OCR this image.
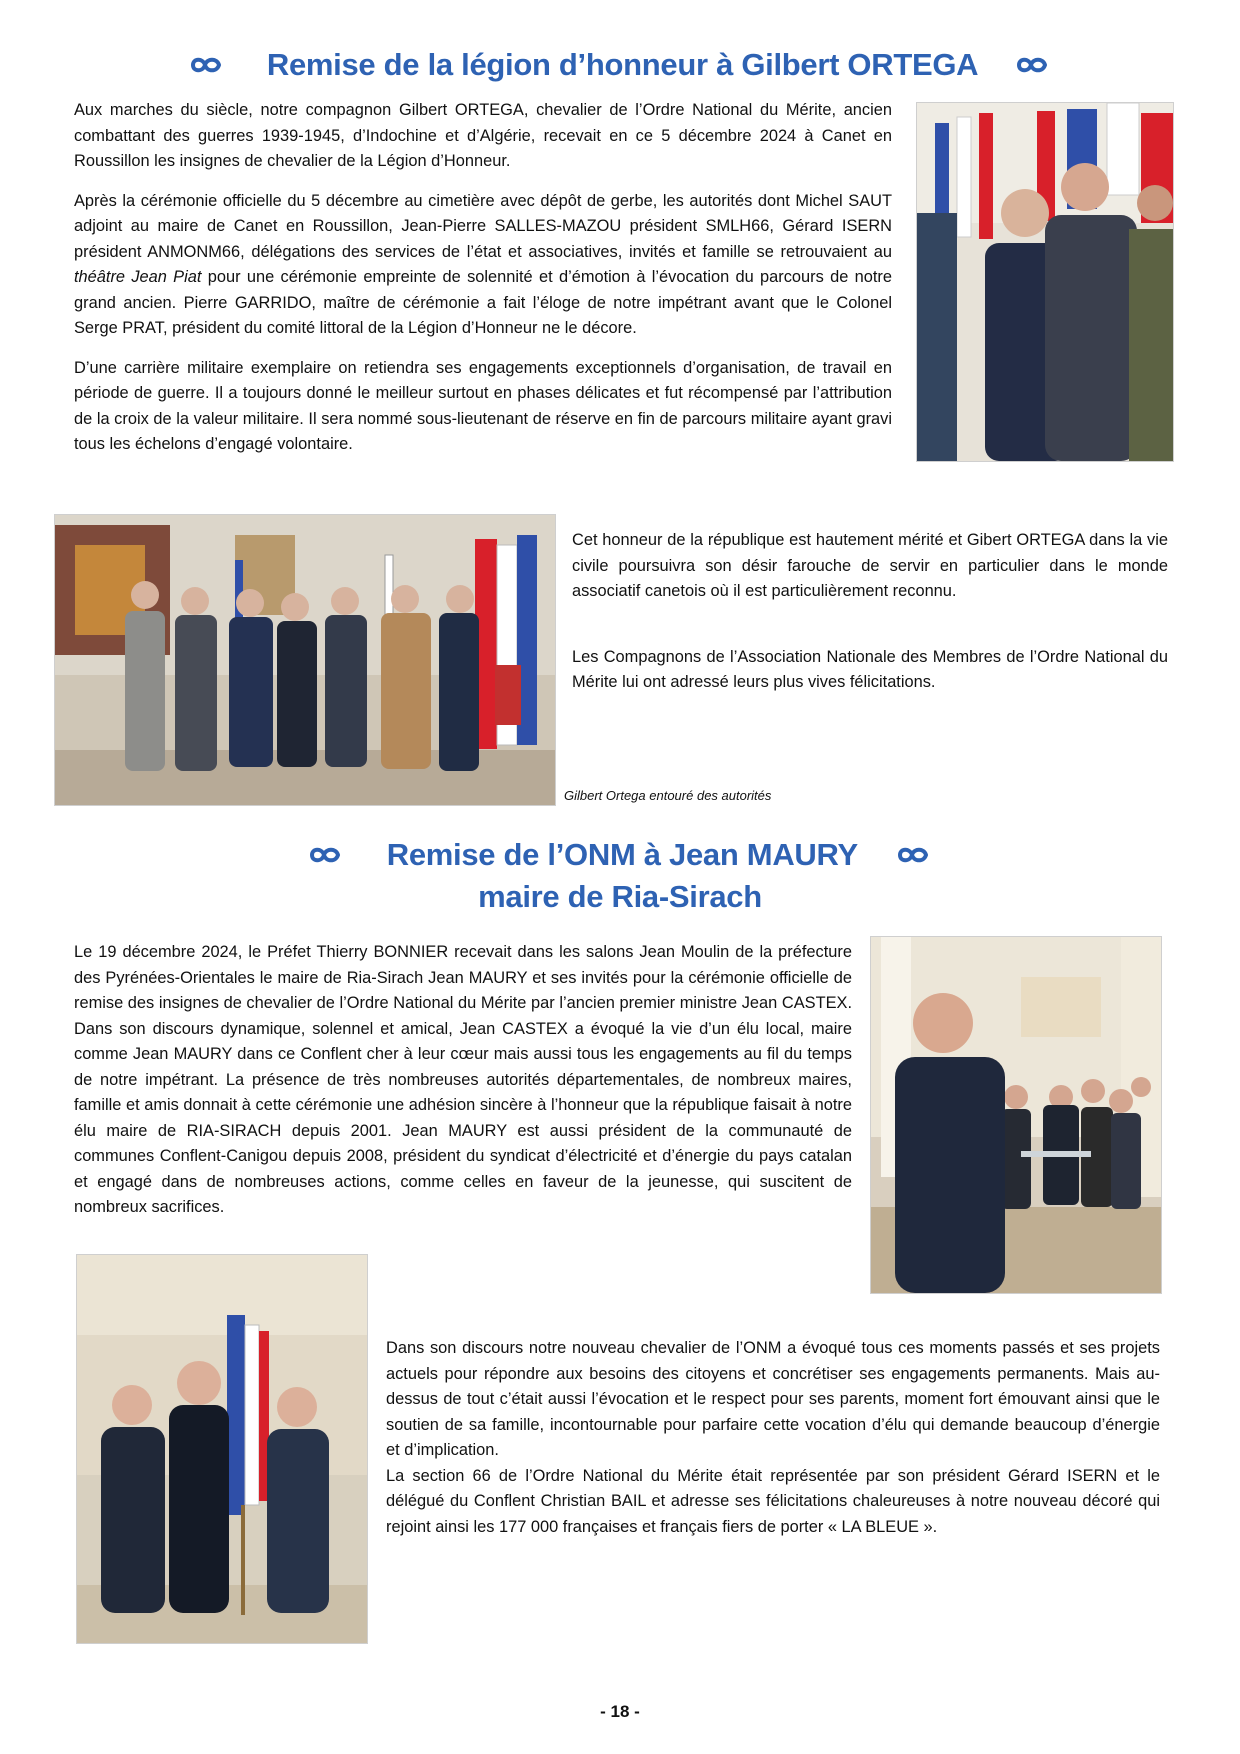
Remise de la légion d’honneur à Gilbert ORTEGA

Aux marches du siècle, notre compagnon Gilbert ORTEGA, chevalier de l’Ordre National du Mérite, ancien combattant des guerres 1939-1945, d’Indochine et d’Algérie, recevait en ce 5 décembre 2024 à Canet en Roussillon les insignes de chevalier de la Légion d’Honneur.

Après la cérémonie officielle du 5 décembre au cimetière avec dépôt de gerbe, les autorités dont Michel SAUT adjoint au maire de Canet en Roussillon, Jean-Pierre SALLES-MAZOU président SMLH66, Gérard ISERN président ANMONM66, délégations des services de l’état et associatives, invités et famille se retrouvaient au théâtre Jean Piat pour une cérémonie empreinte de solennité et d’émotion à l’évocation du parcours de notre grand ancien. Pierre GARRIDO, maître de cérémonie a fait l’éloge de notre impétrant avant que le Colonel Serge PRAT, président du comité littoral de la Légion d’Honneur ne le décore.

D’une carrière militaire exemplaire on retiendra ses engagements exceptionnels d’organisation, de travail en période de guerre. Il a toujours donné le meilleur surtout en phases délicates et fut récompensé par l’attribution de la croix de la valeur militaire. Il sera nommé sous-lieutenant de réserve en fin de parcours militaire ayant gravi tous les échelons d’engagé volontaire.

Cet honneur de la république est hautement mérité et Gibert ORTEGA dans la vie civile poursuivra son désir farouche de servir en particulier dans le monde associatif canetois où il est particulièrement reconnu.

Les Compagnons de l’Association Nationale des Membres de l’Ordre National du Mérite lui ont adressé leurs plus vives félicitations.

Gilbert Ortega entouré des autorités
Remise de l’ONM à Jean MAURY
maire de Ria-Sirach

Le 19 décembre 2024, le Préfet Thierry BONNIER recevait dans les salons Jean Moulin de la préfecture des Pyrénées-Orientales le maire de Ria-Sirach Jean MAURY et ses invités pour la cérémonie officielle de remise des insignes de chevalier de l’Ordre National du Mérite par l’ancien premier ministre Jean CASTEX. Dans son discours dynamique, solennel et amical, Jean CASTEX a évoqué la vie d’un élu local, maire comme Jean MAURY dans ce Conflent cher à leur cœur mais aussi tous les engagements au fil du temps de notre impétrant. La présence de très nombreuses autorités départementales, de nombreux maires, famille et amis donnait à cette cérémonie une adhésion sincère à l’honneur que la république faisait à notre élu maire de RIA-SIRACH depuis 2001. Jean MAURY est aussi président de la communauté de communes Conflent-Canigou depuis 2008, président du syndicat d’électricité et d’énergie du pays catalan et engagé dans de nombreuses actions, comme celles en faveur de la jeunesse, qui suscitent de nombreux sacrifices.

Dans son discours notre nouveau chevalier de l’ONM a évoqué tous ces moments passés et ses projets actuels pour répondre aux besoins des citoyens et concrétiser ses engagements permanents. Mais au-dessus de tout c’était aussi l’évocation et le respect pour ses parents, moment fort émouvant ainsi que le soutien de sa famille, incontournable pour parfaire cette vocation d’élu qui demande beaucoup d’énergie et d’implication.

La section 66 de l’Ordre National du Mérite était représentée par son président Gérard ISERN et le délégué du Conflent Christian BAIL et adresse ses félicitations chaleureuses à notre nouveau décoré qui rejoint ainsi les 177 000 françaises et français fiers de porter « LA BLEUE ».

- 18 -
